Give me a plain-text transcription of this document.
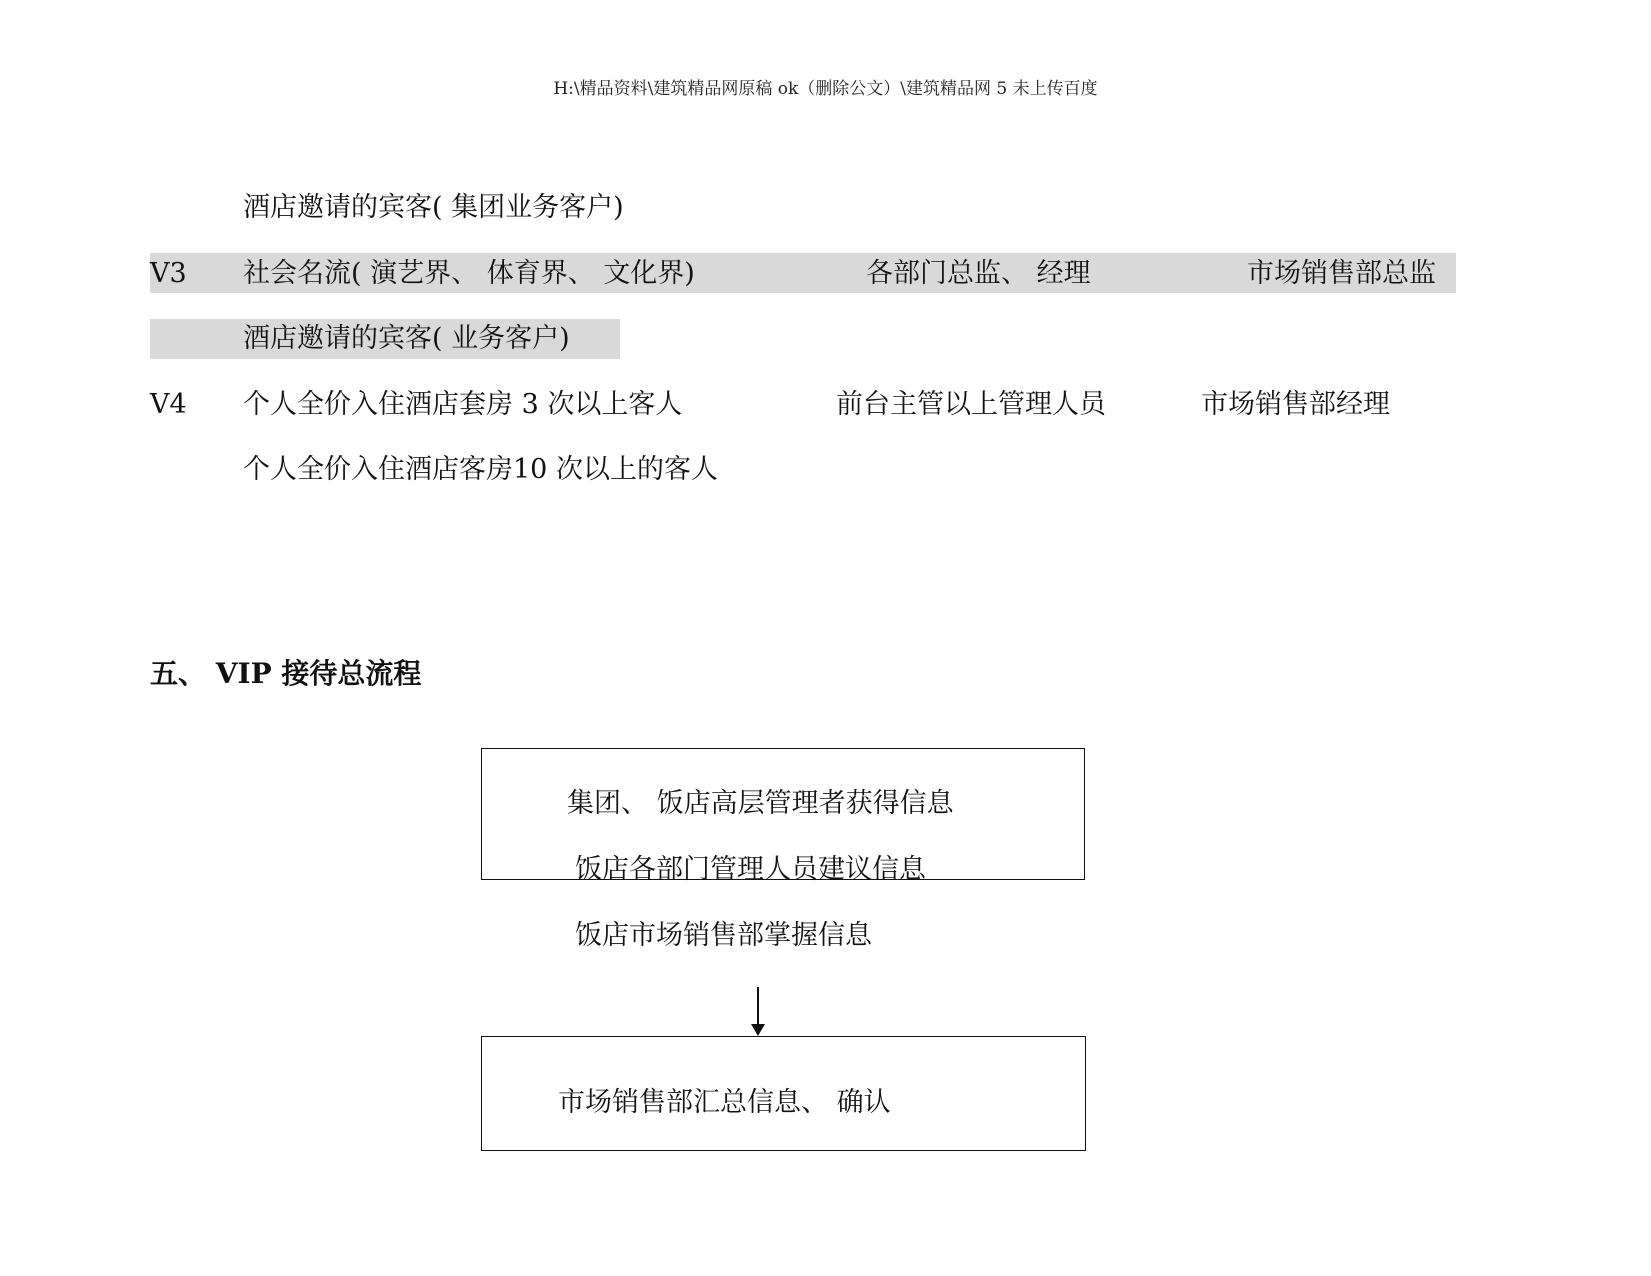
H:\精品资料\建筑精品网原稿 ok（删除公文）\建筑精品网 5 未上传百度
酒店邀请的宾客( 集团业务客户)
V3 社会名流( 演艺界、 体育界、 文化界)	各部门总监、 经理	市场销售部总监
酒店邀请的宾客( 业务客户)
V4 个人全价入住酒店套房 3 次以上客人	前台主管以上管理人员	市场销售部经理
个人全价入住酒店客房10 次以上的客人
五、 VIP 接待总流程
集团、 饭店高层管理者获得信息
饭店各部门管理人员建议信息
饭店市场销售部掌握信息
市场销售部汇总信息、 确认
